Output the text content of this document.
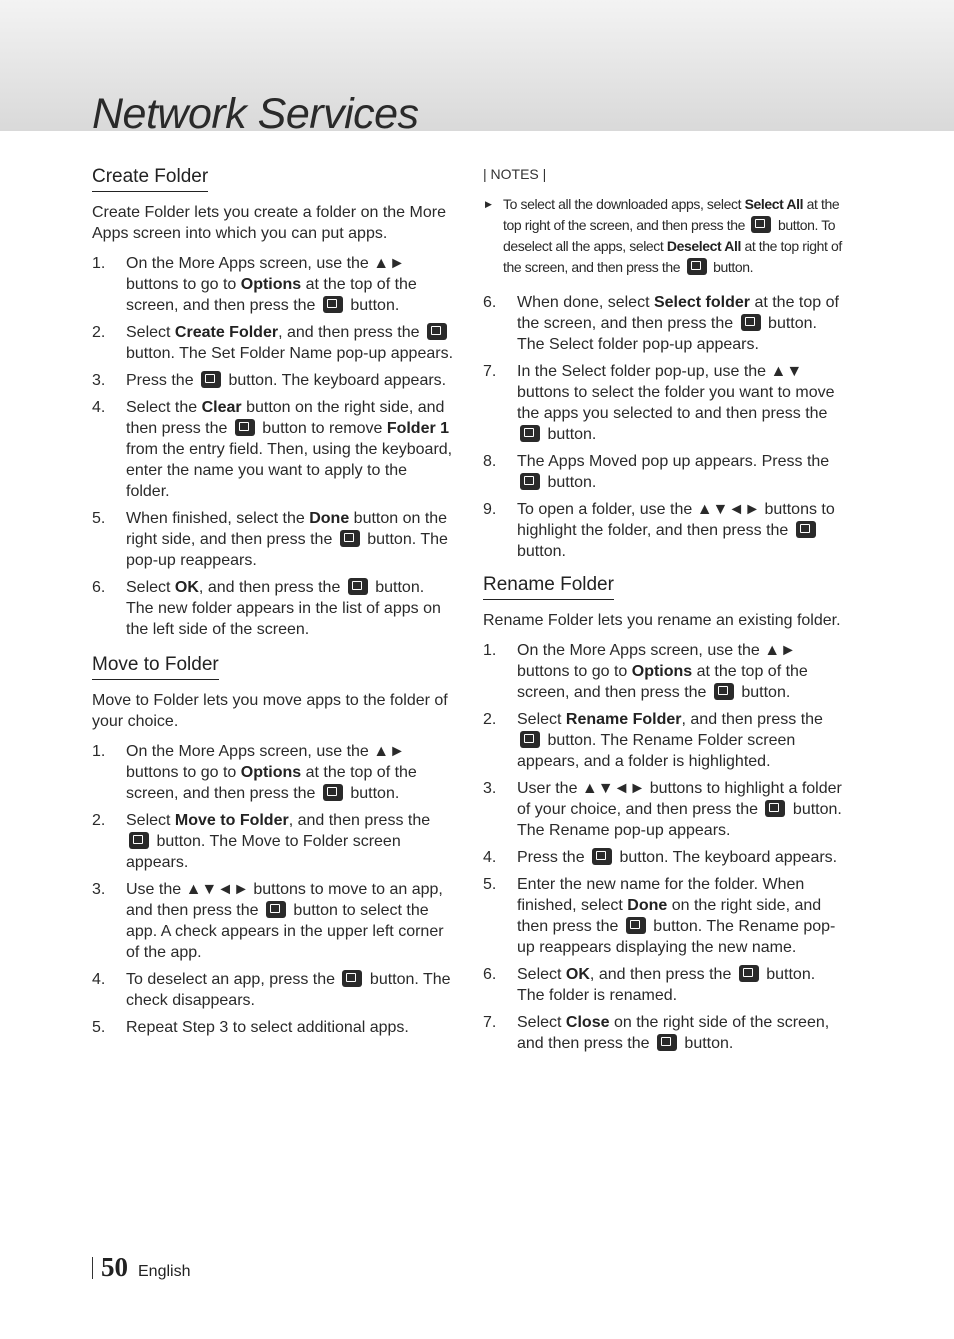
Network Services
Create Folder

Create Folder lets you create a folder on the More Apps screen into which you can put apps.

1. On the More Apps screen, use the ▲► buttons to go to Options at the top of the screen, and then press the  button.
2. Select Create Folder, and then press the  button. The Set Folder Name pop-up appears.
3. Press the  button. The keyboard appears.
4. Select the Clear button on the right side, and then press the  button to remove Folder 1 from the entry field. Then, using the keyboard, enter the name you want to apply to the folder.
5. When finished, select the Done button on the right side, and then press the  button. The pop-up reappears.
6. Select OK, and then press the  button. The new folder appears in the list of apps on the left side of the screen.
Move to Folder

Move to Folder lets you move apps to the folder of your choice.

1. On the More Apps screen, use the ▲► buttons to go to Options at the top of the screen, and then press the  button.
2. Select Move to Folder, and then press the  button. The Move to Folder screen appears.
3. Use the ▲▼◄► buttons to move to an app, and then press the  button to select the app. A check appears in the upper left corner of the app.
4. To deselect an app, press the  button. The check disappears.
5. Repeat Step 3 to select additional apps.
| NOTES |
▶ To select all the downloaded apps, select Select All at the top right of the screen, and then press the  button. To deselect all the apps, select Deselect All at the top right of the screen, and then press the  button.
6. When done, select Select folder at the top of the screen, and then press the  button. The Select folder pop-up appears.
7. In the Select folder pop-up, use the ▲▼ buttons to select the folder you want to move the apps you selected to and then press the  button.
8. The Apps Moved pop up appears. Press the  button.
9. To open a folder, use the ▲▼◄► buttons to highlight the folder, and then press the  button.
Rename Folder

Rename Folder lets you rename an existing folder.

1. On the More Apps screen, use the ▲► buttons to go to Options at the top of the screen, and then press the  button.
2. Select Rename Folder, and then press the  button. The Rename Folder screen appears, and a folder is highlighted.
3. User the ▲▼◄► buttons to highlight a folder of your choice, and then press the  button. The Rename pop-up appears.
4. Press the  button. The keyboard appears.
5. Enter the new name for the folder. When finished, select Done on the right side, and then press the  button. The Rename pop-up reappears displaying the new name.
6. Select OK, and then press the  button. The folder is renamed.
7. Select Close on the right side of the screen, and then press the  button.
50 English
